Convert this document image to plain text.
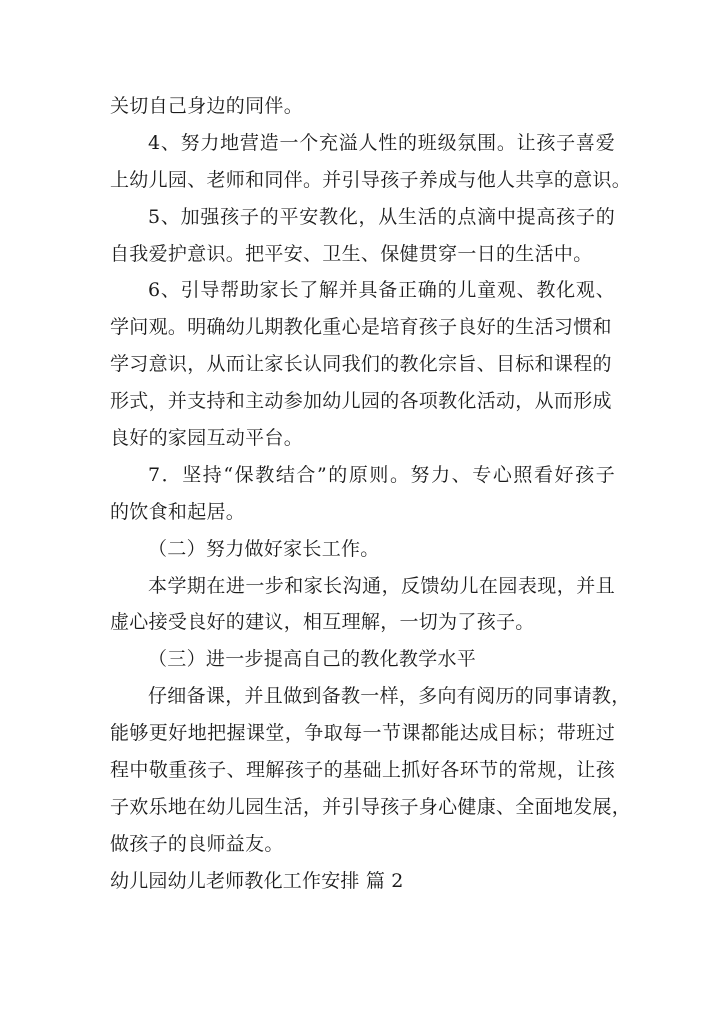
关切自己身边的同伴。
4、努力地营造一个充溢人性的班级氛围。让孩子喜爱
上幼儿园、老师和同伴。并引导孩子养成与他人共享的意识。
5、加强孩子的平安教化，从生活的点滴中提高孩子的
自我爱护意识。把平安、卫生、保健贯穿一日的生活中。
6、引导帮助家长了解并具备正确的儿童观、教化观、
学问观。明确幼儿期教化重心是培育孩子良好的生活习惯和
学习意识，从而让家长认同我们的教化宗旨、目标和课程的
形式，并支持和主动参加幼儿园的各项教化活动，从而形成
良好的家园互动平台。
7．坚持“保教结合”的原则。努力、专心照看好孩子
的饮食和起居。
（二）努力做好家长工作。
本学期在进一步和家长沟通，反馈幼儿在园表现，并且
虚心接受良好的建议，相互理解，一切为了孩子。
（三）进一步提高自己的教化教学水平
仔细备课，并且做到备教一样，多向有阅历的同事请教，
能够更好地把握课堂，争取每一节课都能达成目标；带班过
程中敬重孩子、理解孩子的基础上抓好各环节的常规，让孩
子欢乐地在幼儿园生活，并引导孩子身心健康、全面地发展，
做孩子的良师益友。
幼儿园幼儿老师教化工作安排 篇 2
